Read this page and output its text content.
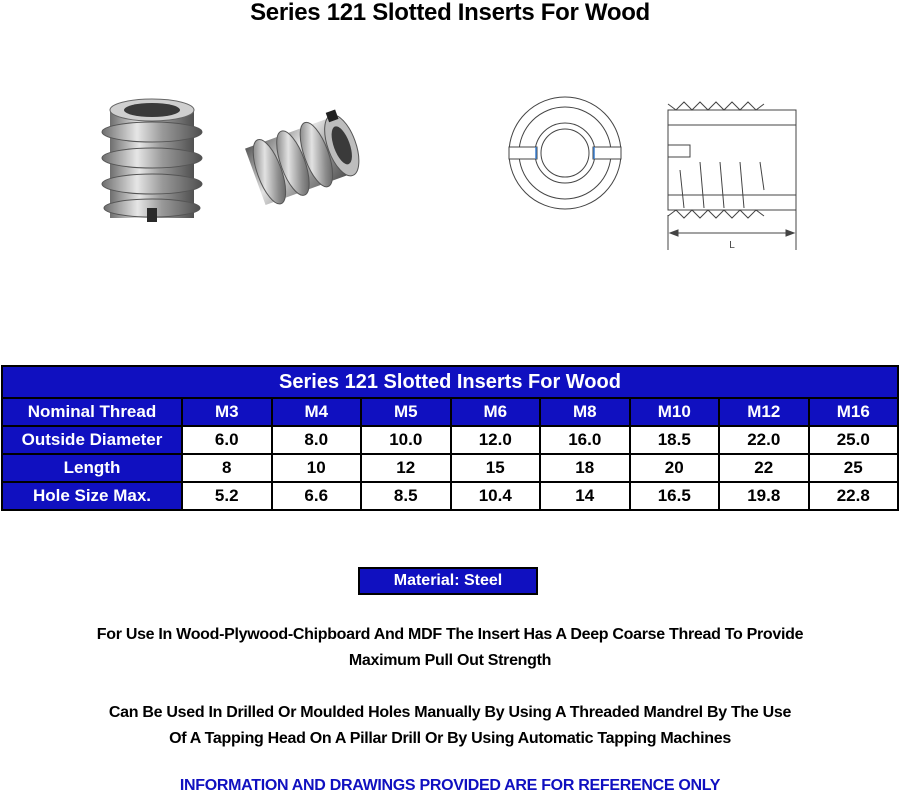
Series 121 Slotted Inserts For Wood
L
Series 121 Slotted Inserts For Wood								
Nominal Thread	M3	M4	M5	M6	M8	M10	M12	M16
Outside Diameter	6.0	8.0	10.0	12.0	16.0	18.5	22.0	25.0
Length	8	10	12	15	18	20	22	25
Hole Size Max.	5.2	6.6	8.5	10.4	14	16.5	19.8	22.8
Material: Steel
For Use In Wood-Plywood-Chipboard And MDF The Insert Has A Deep Coarse Thread To Provide
Maximum Pull Out Strength
Can Be Used In Drilled Or Moulded Holes Manually By Using A Threaded Mandrel By The Use
Of A Tapping Head On A Pillar Drill Or By Using Automatic Tapping Machines
INFORMATION AND DRAWINGS PROVIDED ARE FOR REFERENCE ONLY
